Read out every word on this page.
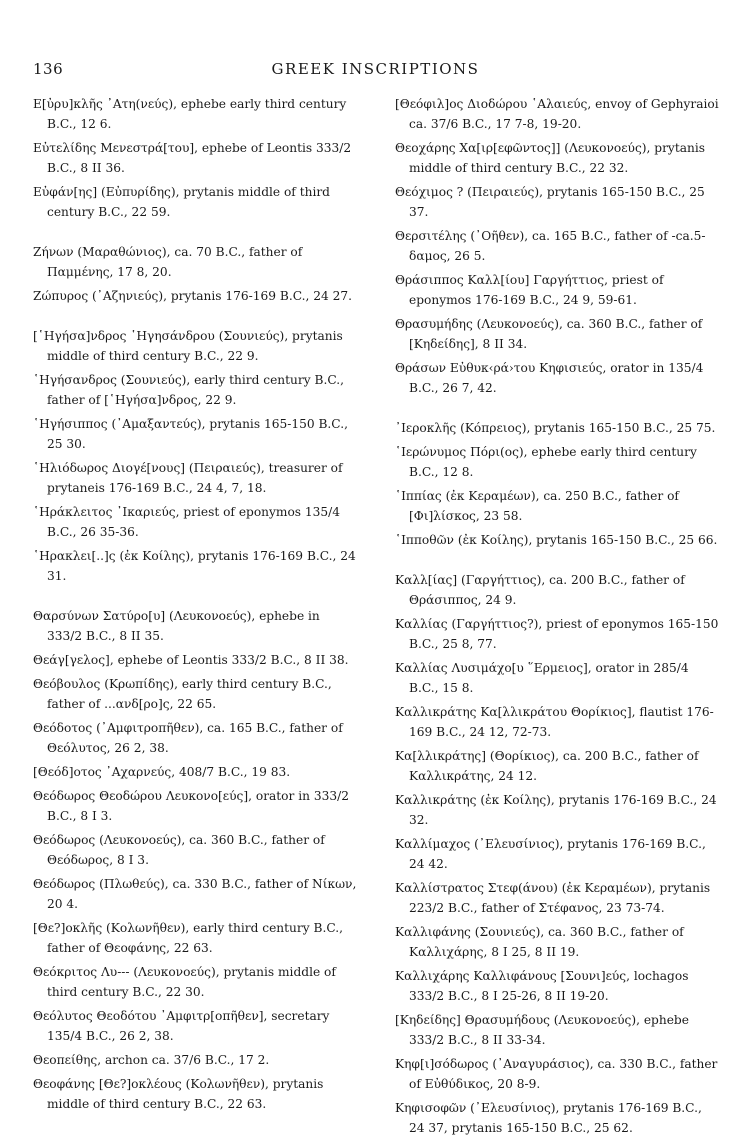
136	GREEK INSCRIPTIONS
Ε[ὐρυ]κλῆς ᾽Ατη(νεύς), ephebe early third century B.C., 12 6.
Εὐτελίδης Μενεστρά[του], ephebe of Leontis 333/2 B.C., 8 II 36.
Εὐφάν[ης] (Εὐπυρίδης), prytanis middle of third century B.C., 22 59.
Ζήνων (Μαραθώνιος), ca. 70 B.C., father of Παμμένης, 17 8, 20.
Ζώπυρος (᾽Αζηνιεύς), prytanis 176-169 B.C., 24 27.
[῾Ηγήσα]νδρος ῾Ηγησάνδρου (Σουνιεύς), prytanis middle of third century B.C., 22 9.
῾Ηγήσανδρος (Σουνιεύς), early third century B.C., father of [῾Ηγήσα]νδρος, 22 9.
῾Ηγήσιππος (᾽Αμαξαντεύς), prytanis 165-150 B.C., 25 30.
῾Ηλιόδωρος Διογέ[νους] (Πειραιεύς), treasurer of prytaneis 176-169 B.C., 24 4, 7, 18.
῾Ηράκλειτος ᾽Ικαριεύς, priest of eponymos 135/4 B.C., 26 35-36.
῾Ηρακλει[..]ς (ἐκ Κοίλης), prytanis 176-169 B.C., 24 31.
Θαρσύνων Σατύρο[υ] (Λευκονοεύς), ephebe in 333/2 B.C., 8 II 35.
Θεάγ[γελος], ephebe of Leontis 333/2 B.C., 8 II 38.
Θεόβουλος (Κρωπίδης), early third century B.C., father of ...ανδ[ρο]ς, 22 65.
Θεόδοτος (᾽Αμφιτροπῆθεν), ca. 165 B.C., father of Θεόλυτος, 26 2, 38.
[Θεόδ]οτος ᾽Αχαρνεύς, 408/7 B.C., 19 83.
Θεόδωρος Θεοδώρου Λευκονο[εύς], orator in 333/2 B.C., 8 I 3.
Θεόδωρος (Λευκονοεύς), ca. 360 B.C., father of Θεόδωρος, 8 I 3.
Θεόδωρος (Πλωθεύς), ca. 330 B.C., father of Νίκων, 20 4.
[Θε?]οκλῆς (Κολωνῆθεν), early third century B.C., father of Θεοφάνης, 22 63.
Θεόκριτος Λυ--- (Λευκονοεύς), prytanis middle of third century B.C., 22 30.
Θεόλυτος Θεοδότου ᾽Αμφιτρ[οπῆθεν], secretary 135/4 B.C., 26 2, 38.
Θεοπείθης, archon ca. 37/6 B.C., 17 2.
Θεοφάνης [Θε?]οκλέους (Κολωνῆθεν), prytanis middle of third century B.C., 22 63.
[Θεόφιλ]ος Διοδώρου ῾Αλαιεύς, envoy of Gephyraioi ca. 37/6 B.C., 17 7-8, 19-20.
Θεοχάρης Χα[ιρ[εφῶντος]] (Λευκονοεύς), prytanis middle of third century B.C., 22 32.
Θεόχιμος ? (Πειραιεύς), prytanis 165-150 B.C., 25 37.
Θερσιτέλης (᾽Οῆθεν), ca. 165 B.C., father of -ca.5-δαμος, 26 5.
Θράσιππος Καλλ[ίου] Γαργήττιος, priest of eponymos 176-169 B.C., 24 9, 59-61.
Θρασυμήδης (Λευκονοεύς), ca. 360 B.C., father of [Κηδείδης], 8 II 34.
Θράσων Εὐθυκ‹ρά›του Κηφισιεύς, orator in 135/4 B.C., 26 7, 42.
᾽Ιεροκλῆς (Κόπρειος), prytanis 165-150 B.C., 25 75.
῾Ιερώνυμος Πόρι(ος), ephebe early third century B.C., 12 8.
῾Ιππίας (ἐκ Κεραμέων), ca. 250 B.C., father of [Φι]λίσκος, 23 58.
῾Ιπποθῶν (ἐκ Κοίλης), prytanis 165-150 B.C., 25 66.
Καλλ[ίας] (Γαργήττιος), ca. 200 B.C., father of Θράσιππος, 24 9.
Καλλίας (Γαργήττιος?), priest of eponymos 165-150 B.C., 25 8, 77.
Καλλίας Λυσιμάχο[υ ῞Ερμειος], orator in 285/4 B.C., 15 8.
Καλλικράτης Κα[λλικράτου Θορίκιος], flautist 176-169 B.C., 24 12, 72-73.
Κα[λλικράτης] (Θορίκιος), ca. 200 B.C., father of Καλλικράτης, 24 12.
Καλλικράτης (ἐκ Κοίλης), prytanis 176-169 B.C., 24 32.
Καλλίμαχος (᾽Ελευσίνιος), prytanis 176-169 B.C., 24 42.
Καλλίστρατος Στεφ(άνου) (ἐκ Κεραμέων), prytanis 223/2 B.C., father of Στέφανος, 23 73-74.
Καλλιφάνης (Σουνιεύς), ca. 360 B.C., father of Καλλιχάρης, 8 I 25, 8 II 19.
Καλλιχάρης Καλλιφάνους [Σουνι]εύς, lochagos 333/2 B.C., 8 I 25-26, 8 II 19-20.
[Κηδείδης] Θρασυμήδους (Λευκονοεύς), ephebe 333/2 B.C., 8 II 33-34.
Κηφ[ι]σόδωρος (᾽Αναγυράσιος), ca. 330 B.C., father of Εὐθύδικος, 20 8-9.
Κηφισοφῶν (᾽Ελευσίνιος), prytanis 176-169 B.C., 24 37, prytanis 165-150 B.C., 25 62.
